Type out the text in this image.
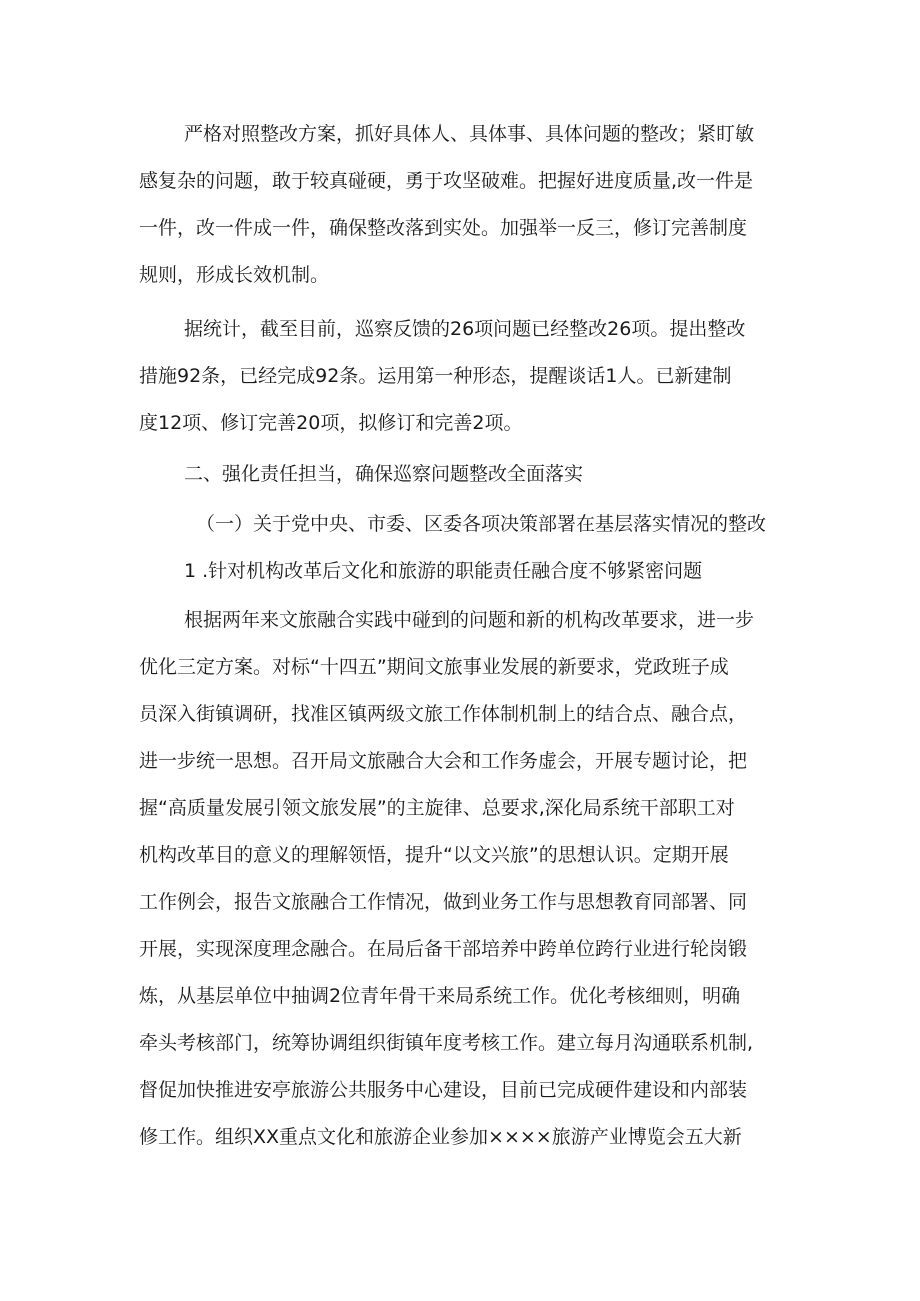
严格对照整改方案，抓好具体人、具体事、具体问题的整改；紧盯敏
感复杂的问题，敢于较真碰硬，勇于攻坚破难。把握好进度质量,改一件是
一件，改一件成一件，确保整改落到实处。加强举一反三，修订完善制度
规则，形成长效机制。
据统计，截至目前，巡察反馈的26项问题已经整改26项。提出整改
措施92条，已经完成92条。运用第一种形态，提醒谈话1人。已新建制
度12项、修订完善20项，拟修订和完善2项。
二、强化责任担当，确保巡察问题整改全面落实
（一）关于党中央、市委、区委各项决策部署在基层落实情况的整改
1 .针对机构改革后文化和旅游的职能责任融合度不够紧密问题
根据两年来文旅融合实践中碰到的问题和新的机构改革要求，进一步
优化三定方案。对标“十四五”期间文旅事业发展的新要求，党政班子成
员深入街镇调研，找准区镇两级文旅工作体制机制上的结合点、融合点，
进一步统一思想。召开局文旅融合大会和工作务虚会，开展专题讨论，把
握“高质量发展引领文旅发展”的主旋律、总要求,深化局系统干部职工对
机构改革目的意义的理解领悟，提升“以文兴旅”的思想认识。定期开展
工作例会，报告文旅融合工作情况，做到业务工作与思想教育同部署、同
开展，实现深度理念融合。在局后备干部培养中跨单位跨行业进行轮岗锻
炼，从基层单位中抽调2位青年骨干来局系统工作。优化考核细则，明确
牵头考核部门，统筹协调组织街镇年度考核工作。建立每月沟通联系机制,
督促加快推进安亭旅游公共服务中心建设，目前已完成硬件建设和内部装
修工作。组织XX重点文化和旅游企业参加××××旅游产业博览会五大新
